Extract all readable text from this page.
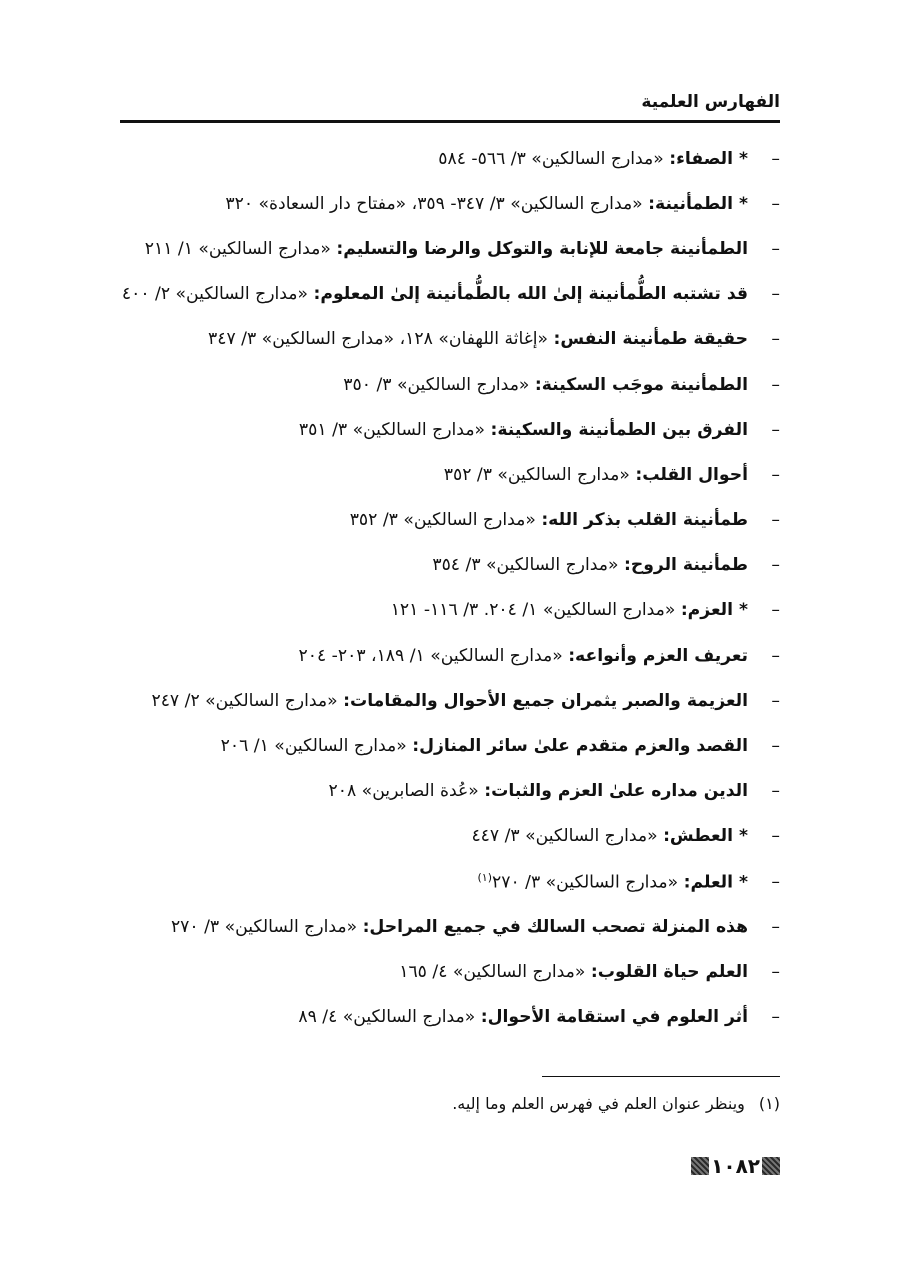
الفهارس العلمية
–
* الصفاء: «مدارج السالكين» ٣/ ٥٦٦- ٥٨٤
–
* الطمأنينة: «مدارج السالكين» ٣/ ٣٤٧- ٣٥٩، «مفتاح دار السعادة» ٣٢٠
–
الطمأنينة جامعة للإنابة والتوكل والرضا والتسليم: «مدارج السالكين» ١/ ٢١١
–
قد تشتبه الطُّمأنينة إلىٰ الله بالطُّمأنينة إلىٰ المعلوم: «مدارج السالكين» ٢/ ٤٠٠
–
حقيقة طمأنينة النفس: «إغاثة اللهفان» ١٢٨، «مدارج السالكين» ٣/ ٣٤٧
–
الطمأنينة موجَب السكينة: «مدارج السالكين» ٣/ ٣٥٠
–
الفرق بين الطمأنينة والسكينة: «مدارج السالكين» ٣/ ٣٥١
–
أحوال القلب: «مدارج السالكين» ٣/ ٣٥٢
–
طمأنينة القلب بذكر الله: «مدارج السالكين» ٣/ ٣٥٢
–
طمأنينة الروح: «مدارج السالكين» ٣/ ٣٥٤
–
* العزم: «مدارج السالكين» ١/ ٢٠٤. ٣/ ١١٦- ١٢١
–
تعريف العزم وأنواعه: «مدارج السالكين» ١/ ١٨٩، ٢٠٣- ٢٠٤
–
العزيمة والصبر يثمران جميع الأحوال والمقامات: «مدارج السالكين» ٢/ ٢٤٧
–
القصد والعزم متقدم علىٰ سائر المنازل: «مدارج السالكين» ١/ ٢٠٦
–
الدين مداره علىٰ العزم والثبات: «عُدة الصابرين» ٢٠٨
–
* العطش: «مدارج السالكين» ٣/ ٤٤٧
–
* العلم: «مدارج السالكين» ٣/ ٢٧٠$^{(١)}$
–
هذه المنزلة تصحب السالك في جميع المراحل: «مدارج السالكين» ٣/ ٢٧٠
–
العلم حياة القلوب: «مدارج السالكين» ٤/ ١٦٥
–
أثر العلوم في استقامة الأحوال: «مدارج السالكين» ٤/ ٨٩
(١)وينظر عنوان العلم في فهرس العلم وما إليه.
١٠٨٢
